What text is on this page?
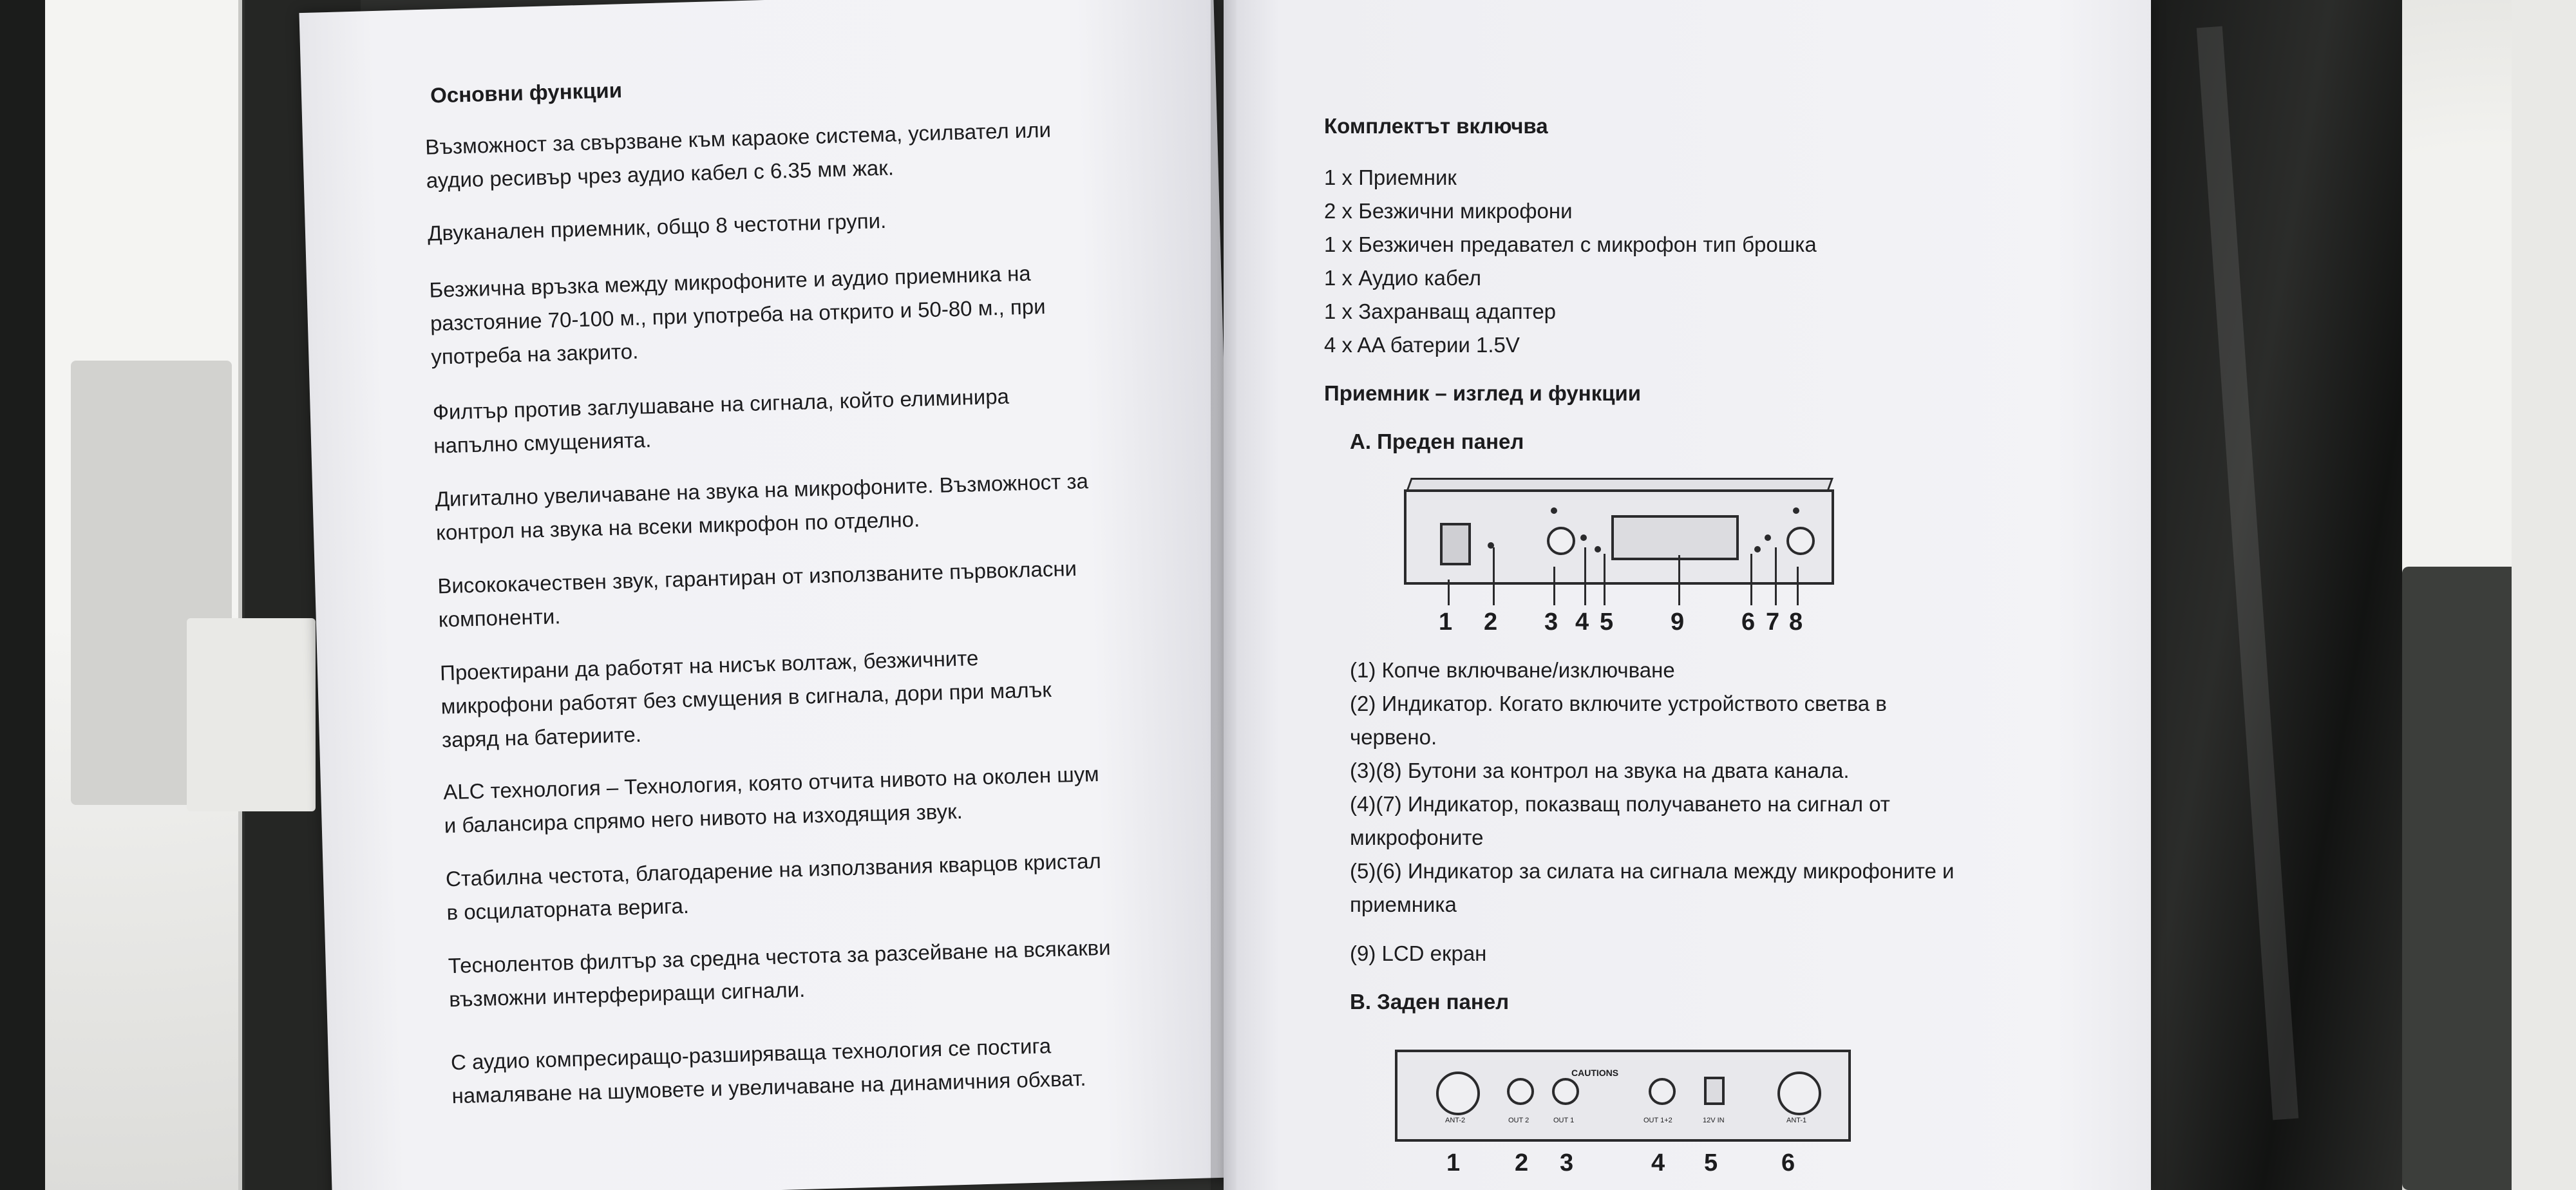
Основни функции
Възможност за свързване към караоке система, усилвател или
аудио ресивър чрез аудио кабел с 6.35 мм жак.
Двуканален приемник, общо 8 честотни групи.
Безжична връзка между микрофоните и аудио приемника на
разстояние 70-100 м., при употреба на открито и 50-80 м., при
употреба на закрито.
Филтър против заглушаване на сигнала, който елиминира
напълно смущенията.
Дигитално увеличаване на звука на микрофоните. Възможност за
контрол на звука на всеки микрофон по отделно.
Висококачествен звук, гарантиран от използваните първокласни
компоненти.
Проектирани да работят на нисък волтаж, безжичните
микрофони работят без смущения в сигнала, дори при малък
заряд на батериите.
ALC технология – Технология, която отчита нивото на околен шум
и балансира спрямо него нивото на изходящия звук.
Стабилна честота, благодарение на използвания кварцов кристал
в осцилаторната верига.
Теснолентов филтър за средна честота за разсейване на всякакви
възможни интерфериращи сигнали.
С аудио компресиращо-разширяваща технология се постига
намаляване на шумовете и увеличаване на динамичния обхват.
Комплектът включва
1 x Приемник
2 x Безжични микрофони
1 x Безжичен предавател с микрофон тип брошка
1 x Аудио кабел
1 x Захранващ адаптер
4 x AA батерии 1.5V
Приемник – изглед и функции
A. Преден панел
1 2 3 4 5 9 6 7 8
(1) Копче включване/изключване
(2) Индикатор. Когато включите устройството светва в
червено.
(3)(8) Бутони за контрол на звука на двата канала.
(4)(7) Индикатор, показващ получаването на сигнал от
микрофоните
(5)(6) Индикатор за силата на сигнала между микрофоните и
приемника
(9) LCD екран
B. Заден панел
ANT-2	OUT 2	OUT 1
CAUTIONS
OUT 1+2	12V IN	ANT-1
1 2 3	4 5	6
